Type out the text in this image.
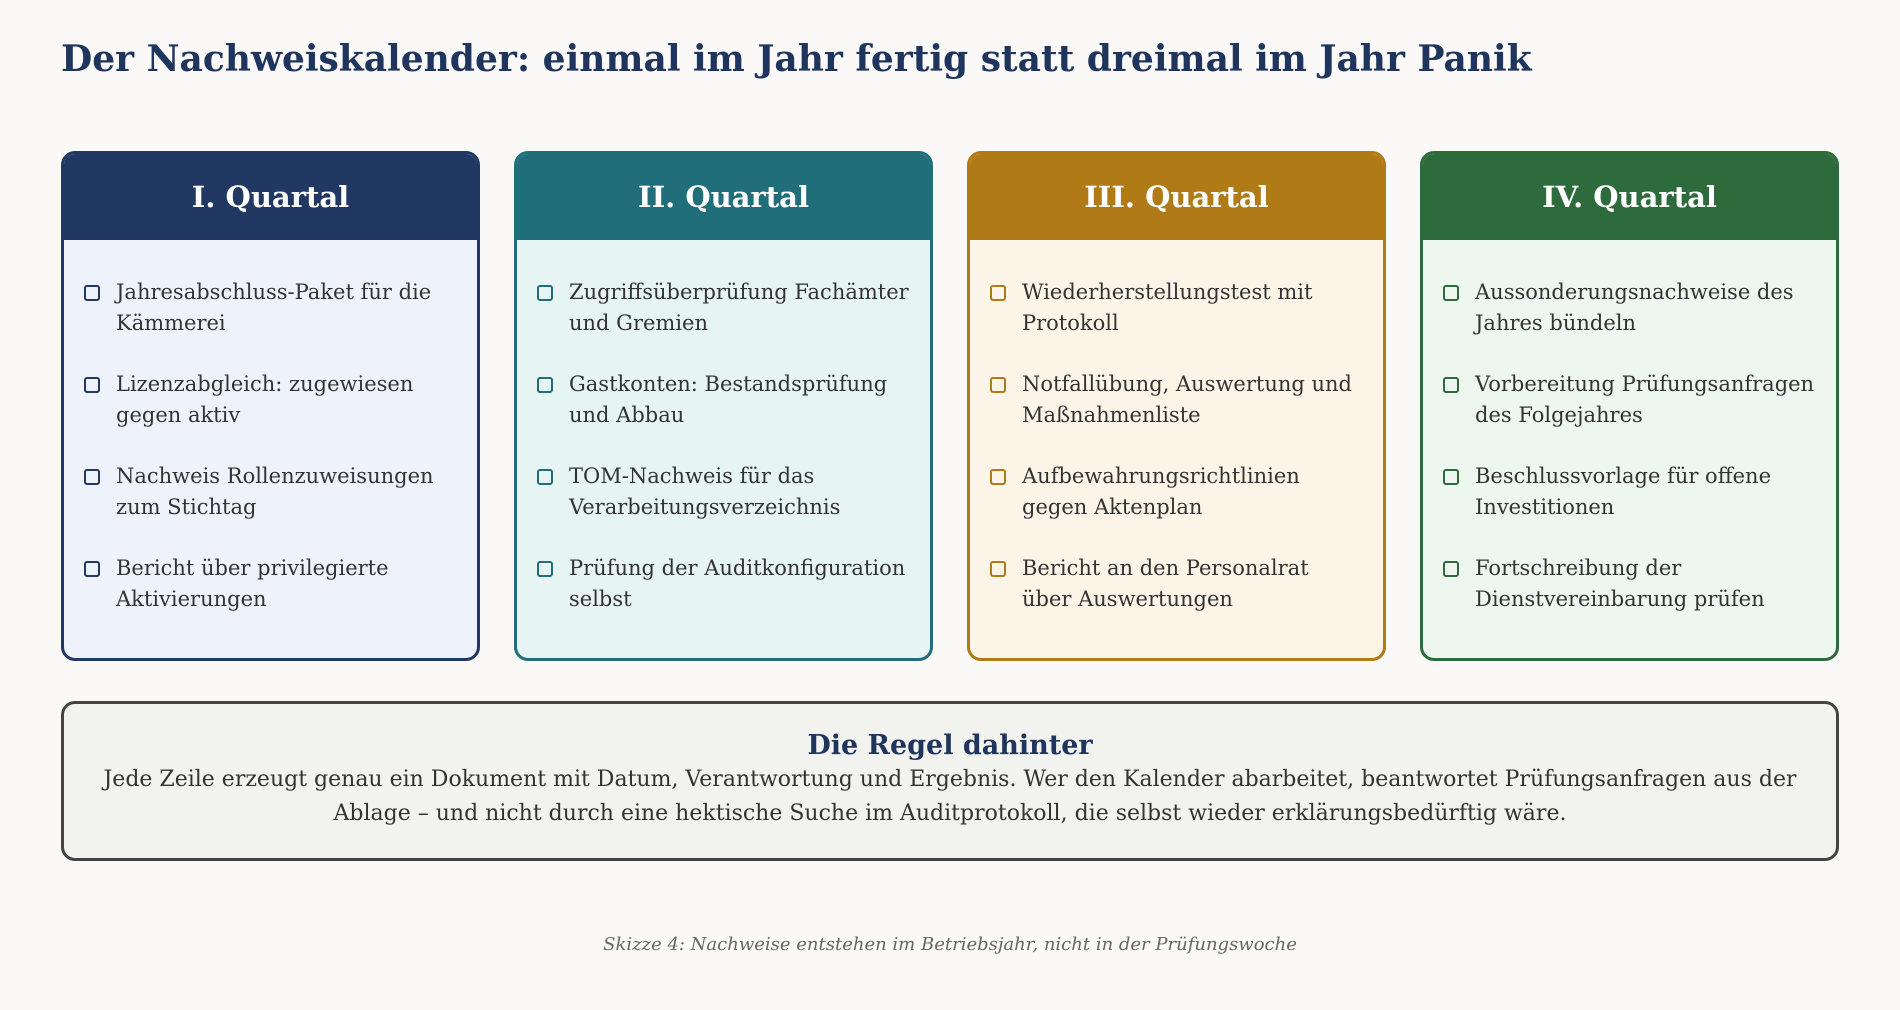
Der Nachweiskalender: einmal im Jahr fertig statt dreimal im Jahr Panik
I. Quartal
Jahresabschluss-Paket für die Kämmerei
Lizenzabgleich: zugewiesen gegen aktiv
Nachweis Rollenzuweisungen zum Stichtag
Bericht über privilegierte Aktivierungen
II. Quartal
Zugriffsüberprüfung Fachämter und Gremien
Gastkonten: Bestandsprüfung und Abbau
TOM-Nachweis für das Verarbeitungsverzeichnis
Prüfung der Auditkonfiguration selbst
III. Quartal
Wiederherstellungstest mit Protokoll
Notfallübung, Auswertung und Maßnahmenliste
Aufbewahrungsrichtlinien gegen Aktenplan
Bericht an den Personalrat über Auswertungen
IV. Quartal
Aussonderungsnachweise des Jahres bündeln
Vorbereitung Prüfungsanfragen des Folgejahres
Beschlussvorlage für offene Investitionen
Fortschreibung der Dienstvereinbarung prüfen
Die Regel dahinter
Jede Zeile erzeugt genau ein Dokument mit Datum, Verantwortung und Ergebnis. Wer den Kalender abarbeitet, beantwortet Prüfungsanfragen aus der Ablage – und nicht durch eine hektische Suche im Auditprotokoll, die selbst wieder erklärungsbedürftig wäre.
Skizze 4: Nachweise entstehen im Betriebsjahr, nicht in der Prüfungswoche
